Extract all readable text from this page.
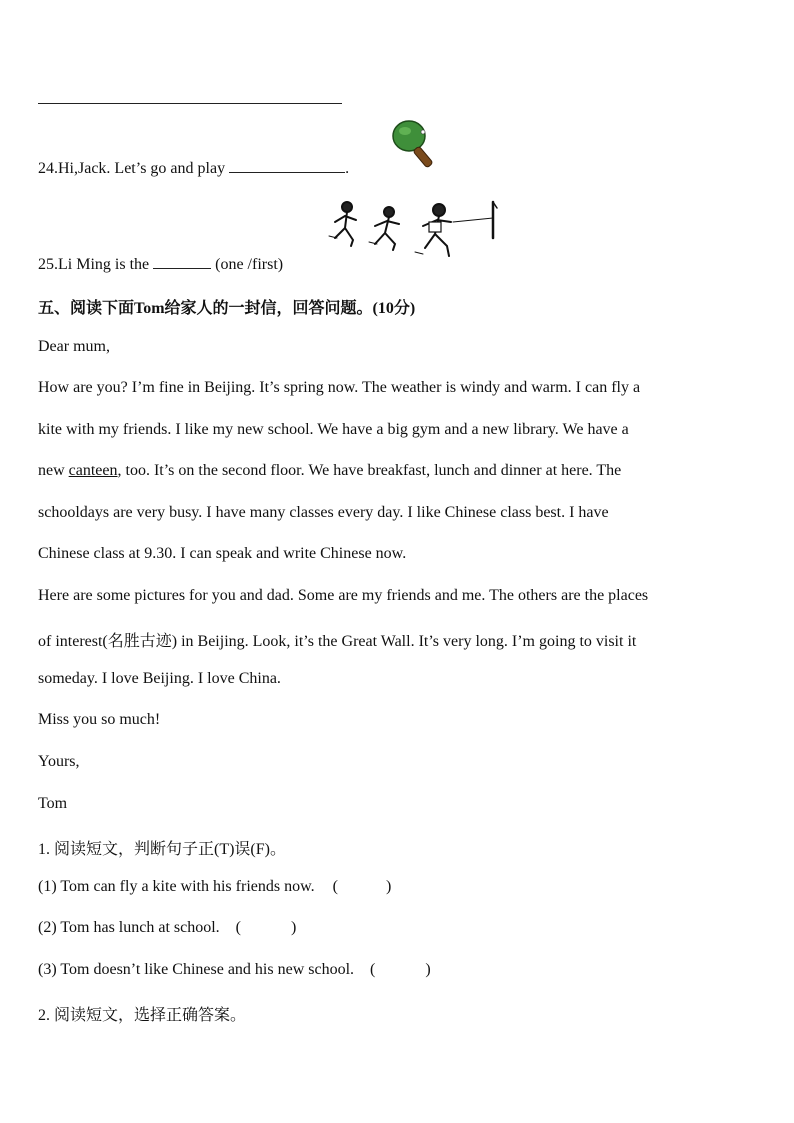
24.Hi,Jack. Let’s go and play	.
25.Li Ming is the	(one /first)
五、阅读下面Tom给家人的一封信，回答问题。(10分)
Dear mum,
How are you? I’m fine in Beijing. It’s spring now. The weather is windy and warm. I can fly a
kite with my friends. I like my new school. We have a big gym and a new library. We have a
new canteen, too. It’s on the second floor. We have breakfast, lunch and dinner at here. The
schooldays are very busy. I have many classes every day. I like Chinese class best. I have
Chinese class at 9.30. I can speak and write Chinese now.
Here are some pictures for you and dad. Some are my friends and me. The others are the places
of interest(名胜古迹) in Beijing. Look, it’s the Great Wall. It’s very long. I’m going to visit it
someday. I love Beijing. I love China.
Miss you so much!
Yours,
Tom
1. 阅读短文，判断句子正(T)误(F)。
(1) Tom can fly a kite with his friends now. (	)
(2) Tom has lunch at school. (	)
(3) Tom doesn’t like Chinese and his new school. (	)
2. 阅读短文，选择正确答案。
